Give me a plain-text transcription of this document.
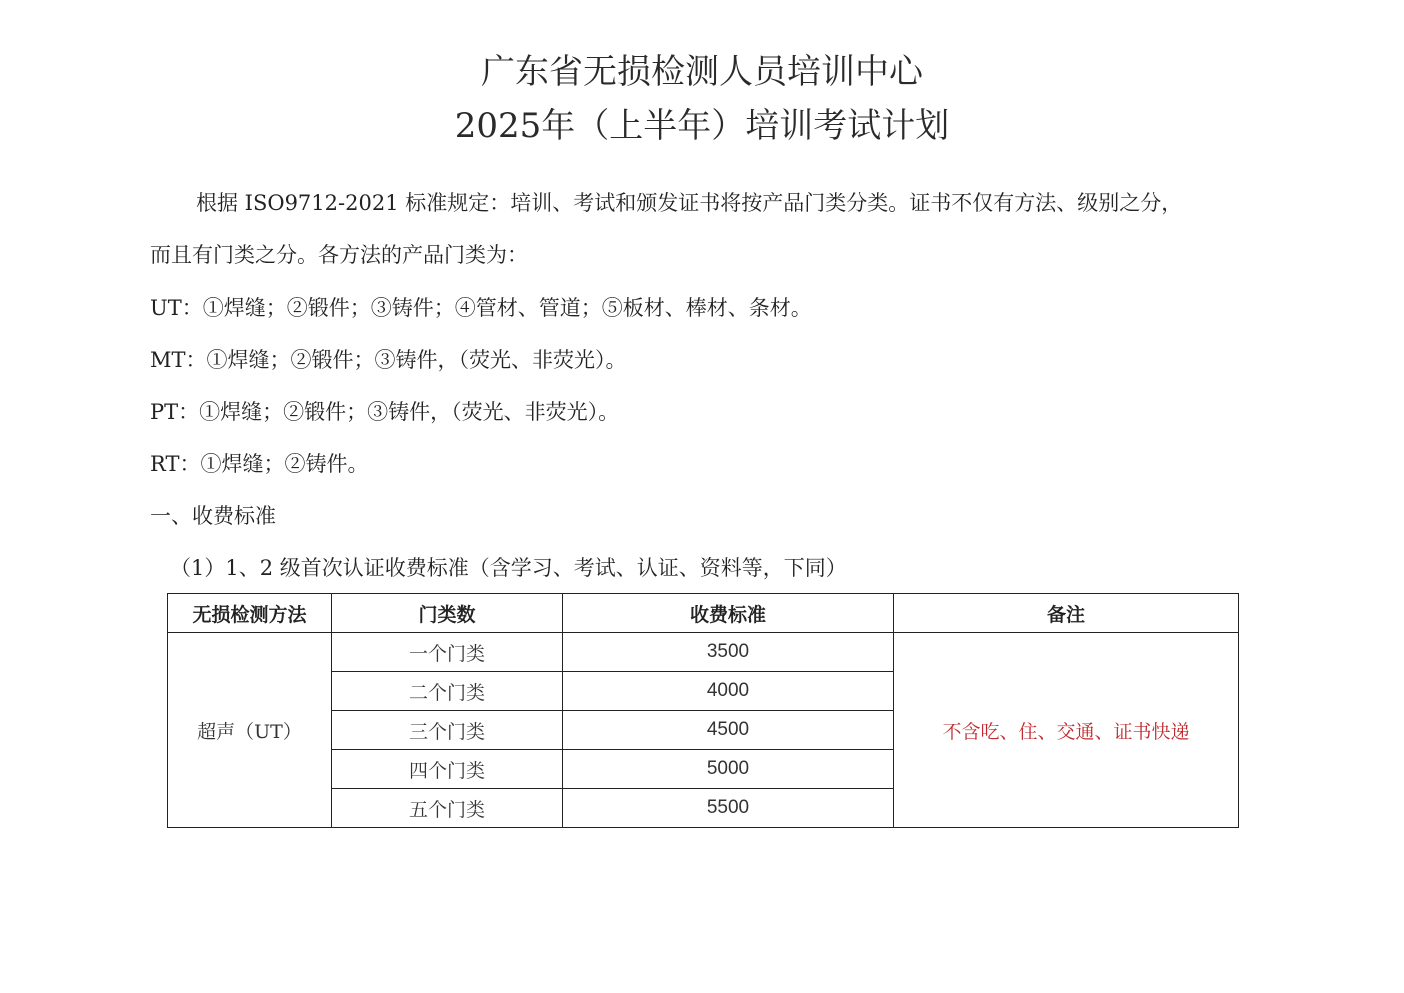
广东省无损检测人员培训中心
2025年（上半年）培训考试计划
根据 ISO9712-2021 标准规定：培训、考试和颁发证书将按产品门类分类。证书不仅有方法、级别之分，
而且有门类之分。各方法的产品门类为：
UT：①焊缝；②锻件；③铸件；④管材、管道；⑤板材、棒材、条材。
MT：①焊缝；②锻件；③铸件，（荧光、非荧光）。
PT：①焊缝；②锻件；③铸件，（荧光、非荧光）。
RT：①焊缝；②铸件。
一、收费标准
（1）1、2 级首次认证收费标准（含学习、考试、认证、资料等，下同）
无损检测方法	门类数	收费标准	备注
超声（UT）	一个门类	3500	不含吃、住、交通、证书快递
	二个门类	4000	
	三个门类	4500	
	四个门类	5000	
	五个门类	5500	
